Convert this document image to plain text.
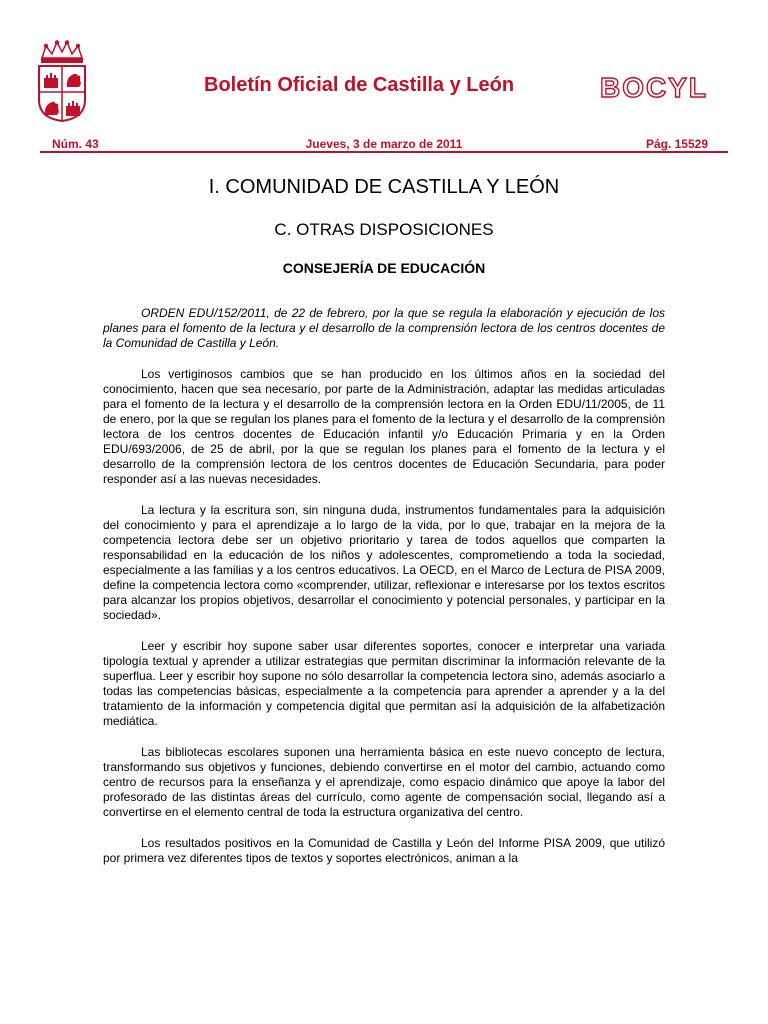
Boletín Oficial de Castilla y León	BOCYL
Núm. 43	Jueves, 3 de marzo de 2011	Pág. 15529
I. COMUNIDAD DE CASTILLA Y LEÓN
C. OTRAS DISPOSICIONES
CONSEJERÍA DE EDUCACIÓN

ORDEN EDU/152/2011, de 22 de febrero, por la que se regula la elaboración y ejecución de los planes para el fomento de la lectura y el desarrollo de la comprensión lectora de los centros docentes de la Comunidad de Castilla y León.

Los vertiginosos cambios que se han producido en los últimos años en la sociedad del conocimiento, hacen que sea necesario, por parte de la Administración, adaptar las medidas articuladas para el fomento de la lectura y el desarrollo de la comprensión lectora en la Orden EDU/11/2005, de 11 de enero, por la que se regulan los planes para el fomento de la lectura y el desarrollo de la comprensión lectora de los centros docentes de Educación infantil y/o Educación Primaria y en la Orden EDU/693/2006, de 25 de abril, por la que se regulan los planes para el fomento de la lectura y el desarrollo de la comprensión lectora de los centros docentes de Educación Secundaria, para poder responder así a las nuevas necesidades.

La lectura y la escritura son, sin ninguna duda, instrumentos fundamentales para la adquisición del conocimiento y para el aprendizaje a lo largo de la vida, por lo que, trabajar en la mejora de la competencia lectora debe ser un objetivo prioritario y tarea de todos aquellos que comparten la responsabilidad en la educación de los niños y adolescentes, comprometiendo a toda la sociedad, especialmente a las familias y a los centros educativos. La OECD, en el Marco de Lectura de PISA 2009, define la competencia lectora como «comprender, utilizar, reflexionar e interesarse por los textos escritos para alcanzar los propios objetivos, desarrollar el conocimiento y potencial personales, y participar en la sociedad».

Leer y escribir hoy supone saber usar diferentes soportes, conocer e interpretar una variada tipología textual y aprender a utilizar estrategias que permitan discriminar la información relevante de la superflua. Leer y escribir hoy supone no sólo desarrollar la competencia lectora sino, además asociarlo a todas las competencias básicas, especialmente a la competencia para aprender a aprender y a la del tratamiento de la información y competencia digital que permitan así la adquisición de la alfabetización mediática.

Las bibliotecas escolares suponen una herramienta básica en este nuevo concepto de lectura, transformando sus objetivos y funciones, debiendo convertirse en el motor del cambio, actuando como centro de recursos para la enseñanza y el aprendizaje, como espacio dinámico que apoye la labor del profesorado de las distintas áreas del currículo, como agente de compensación social, llegando así a convertirse en el elemento central de toda la estructura organizativa del centro.

Los resultados positivos en la Comunidad de Castilla y León del Informe PISA 2009, que utilizó por primera vez diferentes tipos de textos y soportes electrónicos, animan a la
